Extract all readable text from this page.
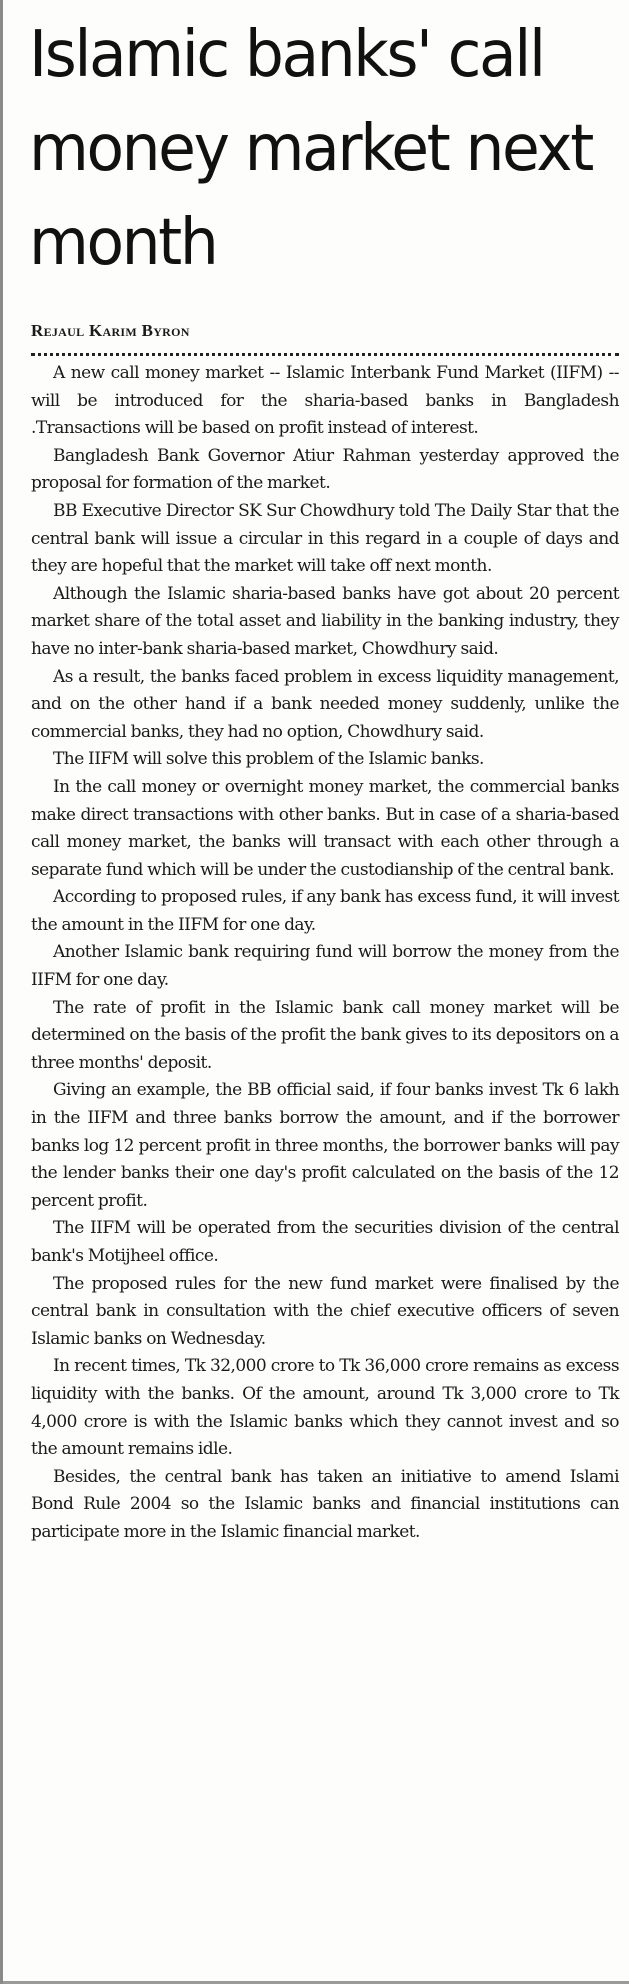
Islamic banks' call money market next month
Rejaul Karim Byron

A new call money market -- Islamic Interbank Fund Market (IIFM) -- will be introduced for the sharia-based banks in Bangladesh .Transactions will be based on profit instead of interest.

Bangladesh Bank Governor Atiur Rahman yesterday approved the proposal for formation of the market.

BB Executive Director SK Sur Chowdhury told The Daily Star that the central bank will issue a circular in this regard in a couple of days and they are hopeful that the market will take off next month.

Although the Islamic sharia-based banks have got about 20 percent market share of the total asset and liability in the banking industry, they have no inter-bank sharia-based market, Chowdhury said.

As a result, the banks faced problem in excess liquidity management, and on the other hand if a bank needed money suddenly, unlike the commercial banks, they had no option, Chowdhury said.

The IIFM will solve this problem of the Islamic banks.

In the call money or overnight money market, the commercial banks make direct transactions with other banks. But in case of a sharia-based call money market, the banks will transact with each other through a separate fund which will be under the custodianship of the central bank.

According to proposed rules, if any bank has excess fund, it will invest the amount in the IIFM for one day.

Another Islamic bank requiring fund will borrow the money from the IIFM for one day.

The rate of profit in the Islamic bank call money market will be determined on the basis of the profit the bank gives to its depositors on a three months' deposit.

Giving an example, the BB official said, if four banks invest Tk 6 lakh in the IIFM and three banks borrow the amount, and if the borrower banks log 12 percent profit in three months, the borrower banks will pay the lender banks their one day's profit calculated on the basis of the 12 percent profit.

The IIFM will be operated from the securities division of the central bank's Motijheel office.

The proposed rules for the new fund market were finalised by the central bank in consultation with the chief executive officers of seven Islamic banks on Wednesday.

In recent times, Tk 32,000 crore to Tk 36,000 crore remains as excess liquidity with the banks. Of the amount, around Tk 3,000 crore to Tk 4,000 crore is with the Islamic banks which they cannot invest and so the amount remains idle.

Besides, the central bank has taken an initiative to amend Islami Bond Rule 2004 so the Islamic banks and financial institutions can participate more in the Islamic financial market.
